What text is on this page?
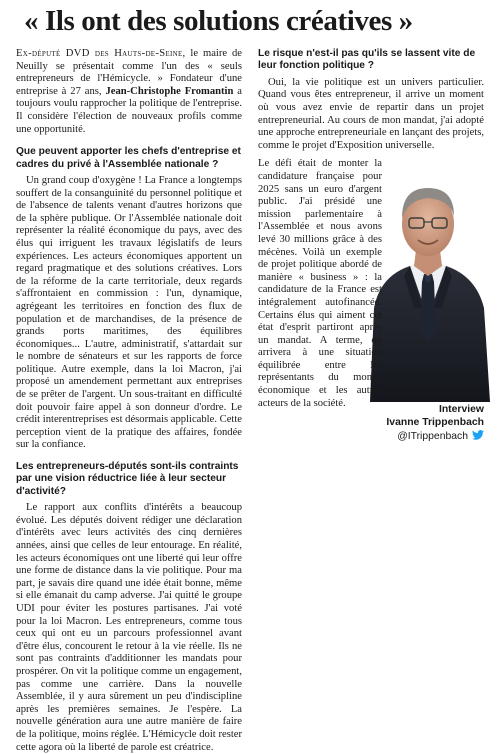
« Ils ont des solutions créatives »

Ex-député DVD des Hauts-de-Seine, le maire de Neuilly se présentait comme l'un des « seuls entrepreneurs de l'Hémicycle. » Fondateur d'une entreprise à 27 ans, Jean-Christophe Fromantin a toujours voulu rapprocher la politique de l'entreprise. Il considère l'élection de nouveaux profils comme une opportunité.

Que peuvent apporter les chefs d'entreprise et cadres du privé à l'Assemblée nationale ?

Un grand coup d'oxygène ! La France a longtemps souffert de la consanguinité du personnel politique et de l'absence de talents venant d'autres horizons que de la sphère publique. Or l'Assemblée nationale doit représenter la réalité économique du pays, avec des élus qui irriguent les travaux législatifs de leurs expériences. Les acteurs économiques apportent un regard pragmatique et des solutions créatives. Lors de la réforme de la carte territoriale, deux regards s'affrontaient en commission : l'un, dynamique, agrégeant les territoires en fonction des flux de population et de marchandises, de la présence de grands ports maritimes, des équilibres économiques... L'autre, administratif, s'attardait sur le nombre de sénateurs et sur les rapports de force politique. Autre exemple, dans la loi Macron, j'ai proposé un amendement permettant aux entreprises de se prêter de l'argent. Un sous-traitant en difficulté doit pouvoir faire appel à son donneur d'ordre. Le crédit interentreprises est désormais applicable. Cette perception vient de la pratique des affaires, fondée sur la confiance.

Les entrepreneurs-députés sont-ils contraints par une vision réductrice liée à leur secteur d'activité?

Le rapport aux conflits d'intérêts a beaucoup évolué. Les députés doivent rédiger une déclaration d'intérêts avec leurs activités des cinq dernières années, ainsi que celles de leur entourage. En réalité, les acteurs économiques ont une liberté qui leur offre une forme de distance dans la vie politique. Pour ma part, je savais dire quand une idée était bonne, même si elle émanait du camp adverse. J'ai quitté le groupe UDI pour éviter les postures partisanes. J'ai voté pour la loi Macron. Les entrepreneurs, comme tous ceux qui ont eu un parcours professionnel avant d'être élus, concourent le retour à la vie réelle. Ils ne sont pas contraints d'additionner les mandats pour prospérer. On vit la politique comme un engagement, pas comme une carrière. Dans la nouvelle Assemblée, il y aura sûrement un peu d'indiscipline après les premières semaines. Je l'espère. La nouvelle génération aura une autre manière de faire de la politique, moins réglée. L'Hémicycle doit rester cette agora où la liberté de parole est créatrice.

Le risque n'est-il pas qu'ils se lassent vite de leur fonction politique ?

Oui, la vie politique est un univers particulier. Quand vous êtes entrepreneur, il arrive un moment où vous avez envie de repartir dans un projet entrepreneurial. Au cours de mon mandat, j'ai adopté une approche entrepreneuriale en lançant des projets, comme le projet d'Exposition universelle.

Le défi était de monter la candidature française pour 2025 sans un euro d'argent public. J'ai présidé une mission parlementaire à l'Assemblée et nous avons levé 30 millions grâce à des mécènes. Voilà un exemple de projet politique abordé de manière « business » : la candidature de la France est intégralement autofinancée. Certains élus qui aiment cet état d'esprit partiront après un mandat. A terme, on arrivera à une situation équilibrée entre les représentants du monde économique et les autres acteurs de la société.

Interview
Ivanne Trippenbach
@ITrippenbach
